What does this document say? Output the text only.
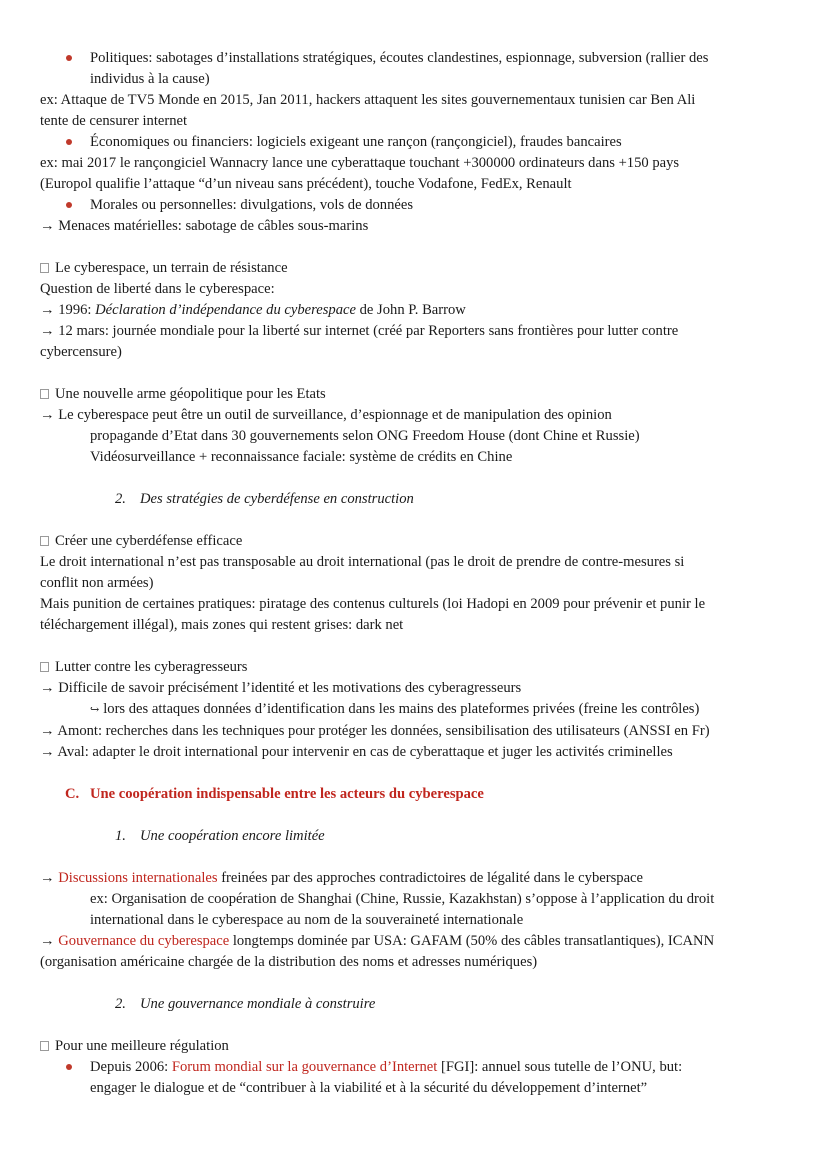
Politiques: sabotages d’installations stratégiques, écoutes clandestines, espionnage, subversion (rallier des
individus à la cause)
ex: Attaque de TV5 Monde en 2015, Jan 2011, hackers attaquent les sites gouvernementaux tunisien car Ben Ali
tente de censurer internet
Économiques ou financiers: logiciels exigeant une rançon (rançongiciel), fraudes bancaires
ex: mai 2017 le rançongiciel Wannacry lance une cyberattaque touchant +300000 ordinateurs dans +150 pays
(Europol qualifie l’attaque “d’un niveau sans précédent), touche Vodafone, FedEx, Renault
Morales ou personnelles: divulgations, vols de données
→ Menaces matérielles: sabotage de câbles sous-marins
Le cyberespace, un terrain de résistance
Question de liberté dans le cyberespace:
→ 1996: Déclaration d’indépendance du cyberespace de John P. Barrow
→ 12 mars: journée mondiale pour la liberté sur internet (créé par Reporters sans frontières pour lutter contre
cybercensure)
Une nouvelle arme géopolitique pour les Etats
→ Le cyberespace peut être un outil de surveillance, d’espionnage et de manipulation des opinion
propagande d’Etat dans 30 gouvernements selon ONG Freedom House (dont Chine et Russie)
Vidéosurveillance + reconnaissance faciale: système de crédits en Chine
2. Des stratégies de cyberdéfense en construction
Créer une cyberdéfense efficace
Le droit international n’est pas transposable au droit international (pas le droit de prendre de contre-mesures si
conflit non armées)
Mais punition de certaines pratiques: piratage des contenus culturels (loi Hadopi en 2009 pour prévenir et punir le
téléchargement illégal), mais zones qui restent grises: dark net
Lutter contre les cyberagresseurs
→ Difficile de savoir précisément l’identité et les motivations des cyberagresseurs
↪ lors des attaques données d’identification dans les mains des plateformes privées (freine les contrôles)
→ Amont: recherches dans les techniques pour protéger les données, sensibilisation des utilisateurs (ANSSI en Fr)
→ Aval: adapter le droit international pour intervenir en cas de cyberattaque et juger les activités criminelles
C. Une coopération indispensable entre les acteurs du cyberespace
1. Une coopération encore limitée
→ Discussions internationales freinées par des approches contradictoires de légalité dans le cyberspace
ex: Organisation de coopération de Shanghai (Chine, Russie, Kazakhstan) s’oppose à l’application du droit
international dans le cyberespace au nom de la souveraineté internationale
→ Gouvernance du cyberespace longtemps dominée par USA: GAFAM (50% des câbles transatlantiques), ICANN
(organisation américaine chargée de la distribution des noms et adresses numériques)
2. Une gouvernance mondiale à construire
Pour une meilleure régulation
Depuis 2006: Forum mondial sur la gouvernance d’Internet [FGI]: annuel sous tutelle de l’ONU, but:
engager le dialogue et de “contribuer à la viabilité et à la sécurité du développement d’internet”
